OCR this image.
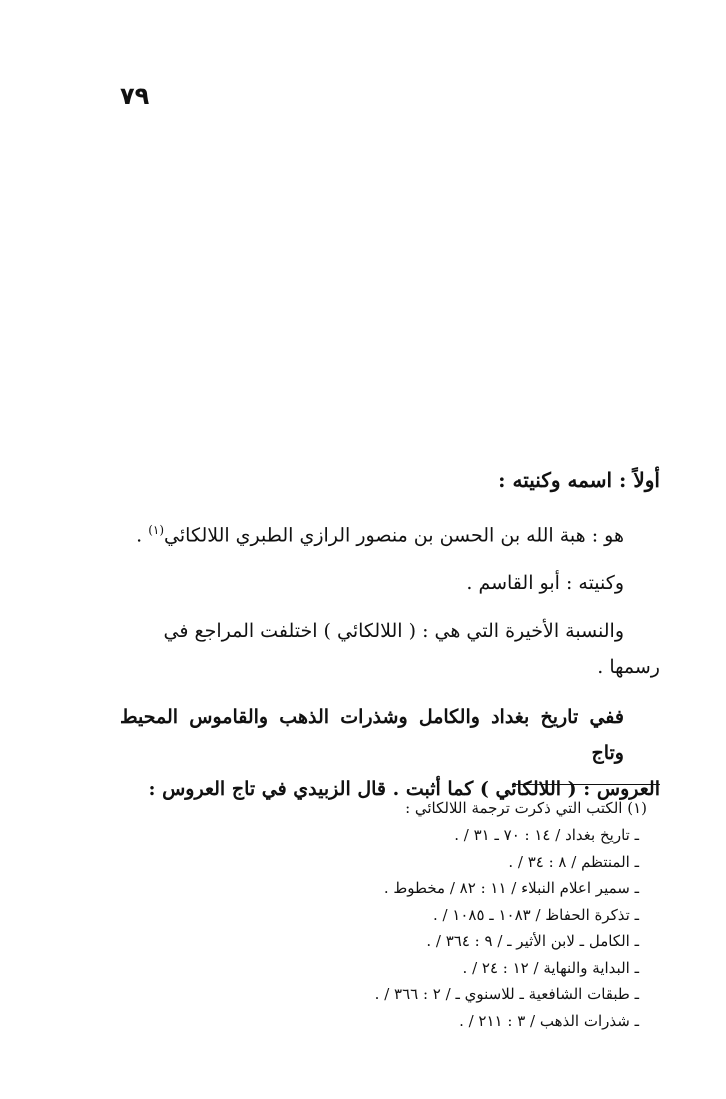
٧٩

أولاً : اسمه وكنيته :

هو : هبة الله بن الحسن بن منصور الرازي الطبري اللالكائي$^{(١)}$ .

وكنيته : أبو القاسم .

والنسبة الأخيرة التي هي : ( اللالكائي ) اختلفت المراجع في

رسمها .

ففي تاريخ بغداد والكامل وشذرات الذهب والقاموس المحيط وتاج

العروس : ( اللالكائي ) كما أثبت . قال الزبيدي في تاج العروس :

(١) الكتب التي ذكرت ترجمة اللالكائي :

ـ تاريخ بغداد / ١٤ : ٧٠ ـ ٣١ / .
ـ المنتظم / ٨ : ٣٤ / .
ـ سمير اعلام النبلاء / ١١ : ٨٢ / مخطوط .
ـ تذكرة الحفاظ / ١٠٨٣ ـ ١٠٨٥ / .
ـ الكامل ـ لابن الأثير ـ / ٩ : ٣٦٤ / .
ـ البداية والنهاية / ١٢ : ٢٤ / .
ـ طبقات الشافعية ـ للاسنوي ـ / ٢ : ٣٦٦ / .
ـ شذرات الذهب / ٣ : ٢١١ / .
